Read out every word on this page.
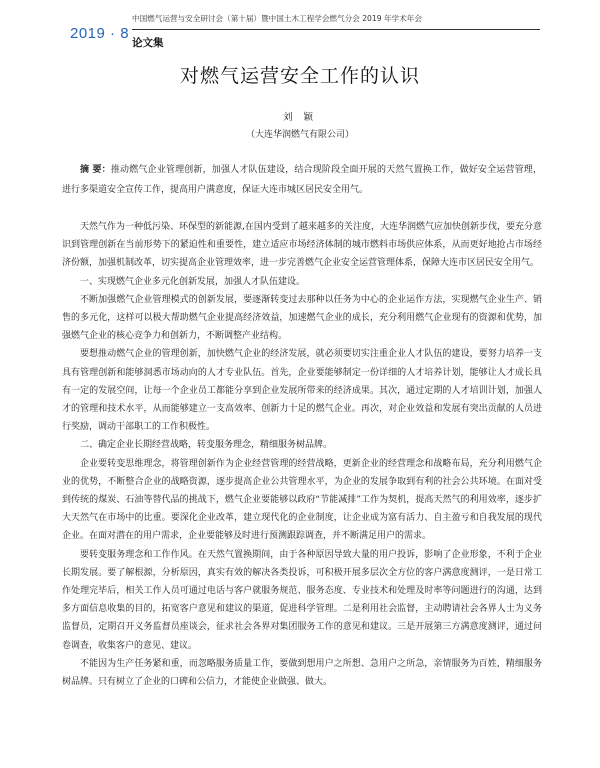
2019 · 8
中国燃气运营与安全研讨会（第十届）暨中国土木工程学会燃气分会 2019 年学术年会
论文集
对燃气运营安全工作的认识
刘 颖
（大连华润燃气有限公司）
摘 要：推动燃气企业管理创新，加强人才队伍建设，结合现阶段全面开展的天然气置换工作，做好安全运营管理，进行多渠道安全宣传工作，提高用户满意度，保证大连市城区居民安全用气。

天然气作为一种低污染、环保型的新能源,在国内受到了越来越多的关注度，大连华润燃气应加快创新步伐，要充分意识到管理创新在当前形势下的紧迫性和重要性，建立适应市场经济体制的城市燃料市场供应体系，从而更好地抢占市场经济份额，加强机制改革，切实提高企业管理效率，进一步完善燃气企业安全运营管理体系，保障大连市区居民安全用气。

一、实现燃气企业多元化创新发展，加强人才队伍建设。

不断加强燃气企业管理模式的创新发展，要逐渐转变过去那种以任务为中心的企业运作方法，实现燃气企业生产、销售的多元化，这样可以极大帮助燃气企业提高经济效益，加速燃气企业的成长，充分利用燃气企业现有的资源和优势，加强燃气企业的核心竞争力和创新力，不断调整产业结构。

要想推动燃气企业的管理创新，加快燃气企业的经济发展，就必须要切实注重企业人才队伍的建设，要努力培养一支具有管理创新和能够洞悉市场动向的人才专业队伍。首先，企业要能够制定一份详细的人才培养计划，能够让人才成长具有一定的发展空间，让每一个企业员工都能分享到企业发展所带来的经济成果。其次，通过定期的人才培训计划，加强人才的管理和技术水平，从而能够建立一支高效率、创新力十足的燃气企业。再次，对企业效益和发展有突出贡献的人员进行奖励，调动干部职工的工作积极性。

二、确定企业长期经营战略，转变服务理念，精细服务树品牌。

企业要转变思维理念，将管理创新作为企业经营管理的经营战略，更新企业的经营理念和战略布局，充分利用燃气企业的优势，不断整合企业的战略资源，逐步提高企业公共管理水平，为企业的发展争取到有利的社会公共环境。在面对受到传统的煤炭、石油等替代品的挑战下，燃气企业要能够以政府“节能减排”工作为契机，提高天然气的利用效率，逐步扩大天然气在市场中的比重。要深化企业改革，建立现代化的企业制度，让企业成为富有活力、自主盈亏和自我发展的现代企业。在面对潜在的用户需求，企业要能够及时进行预测跟踪调查，并不断满足用户的需求。

要转变服务理念和工作作风。在天然气置换期间，由于各种原因导致大量的用户投诉，影响了企业形象，不利于企业长期发展。要了解根源，分析原因，真实有效的解决各类投诉，可积极开展多层次全方位的客户满意度测评，一是日常工作处理完毕后，相关工作人员可通过电话与客户就服务规范、服务态度、专业技术和处理及时率等问题进行的沟通，达到多方面信息收集的目的，拓宽客户意见和建议的渠道，促进科学管理。二是利用社会监督，主动聘请社会各界人士为义务监督员，定期召开义务监督员座谈会，征求社会各界对集团服务工作的意见和建议。三是开展第三方满意度测评，通过问卷调查，收集客户的意见、建议。

不能因为生产任务紧和重，而忽略服务质量工作，要做到想用户之所想、急用户之所急，亲情服务为百姓，精细服务树品牌。只有树立了企业的口碑和公信力，才能使企业做强、做大。
